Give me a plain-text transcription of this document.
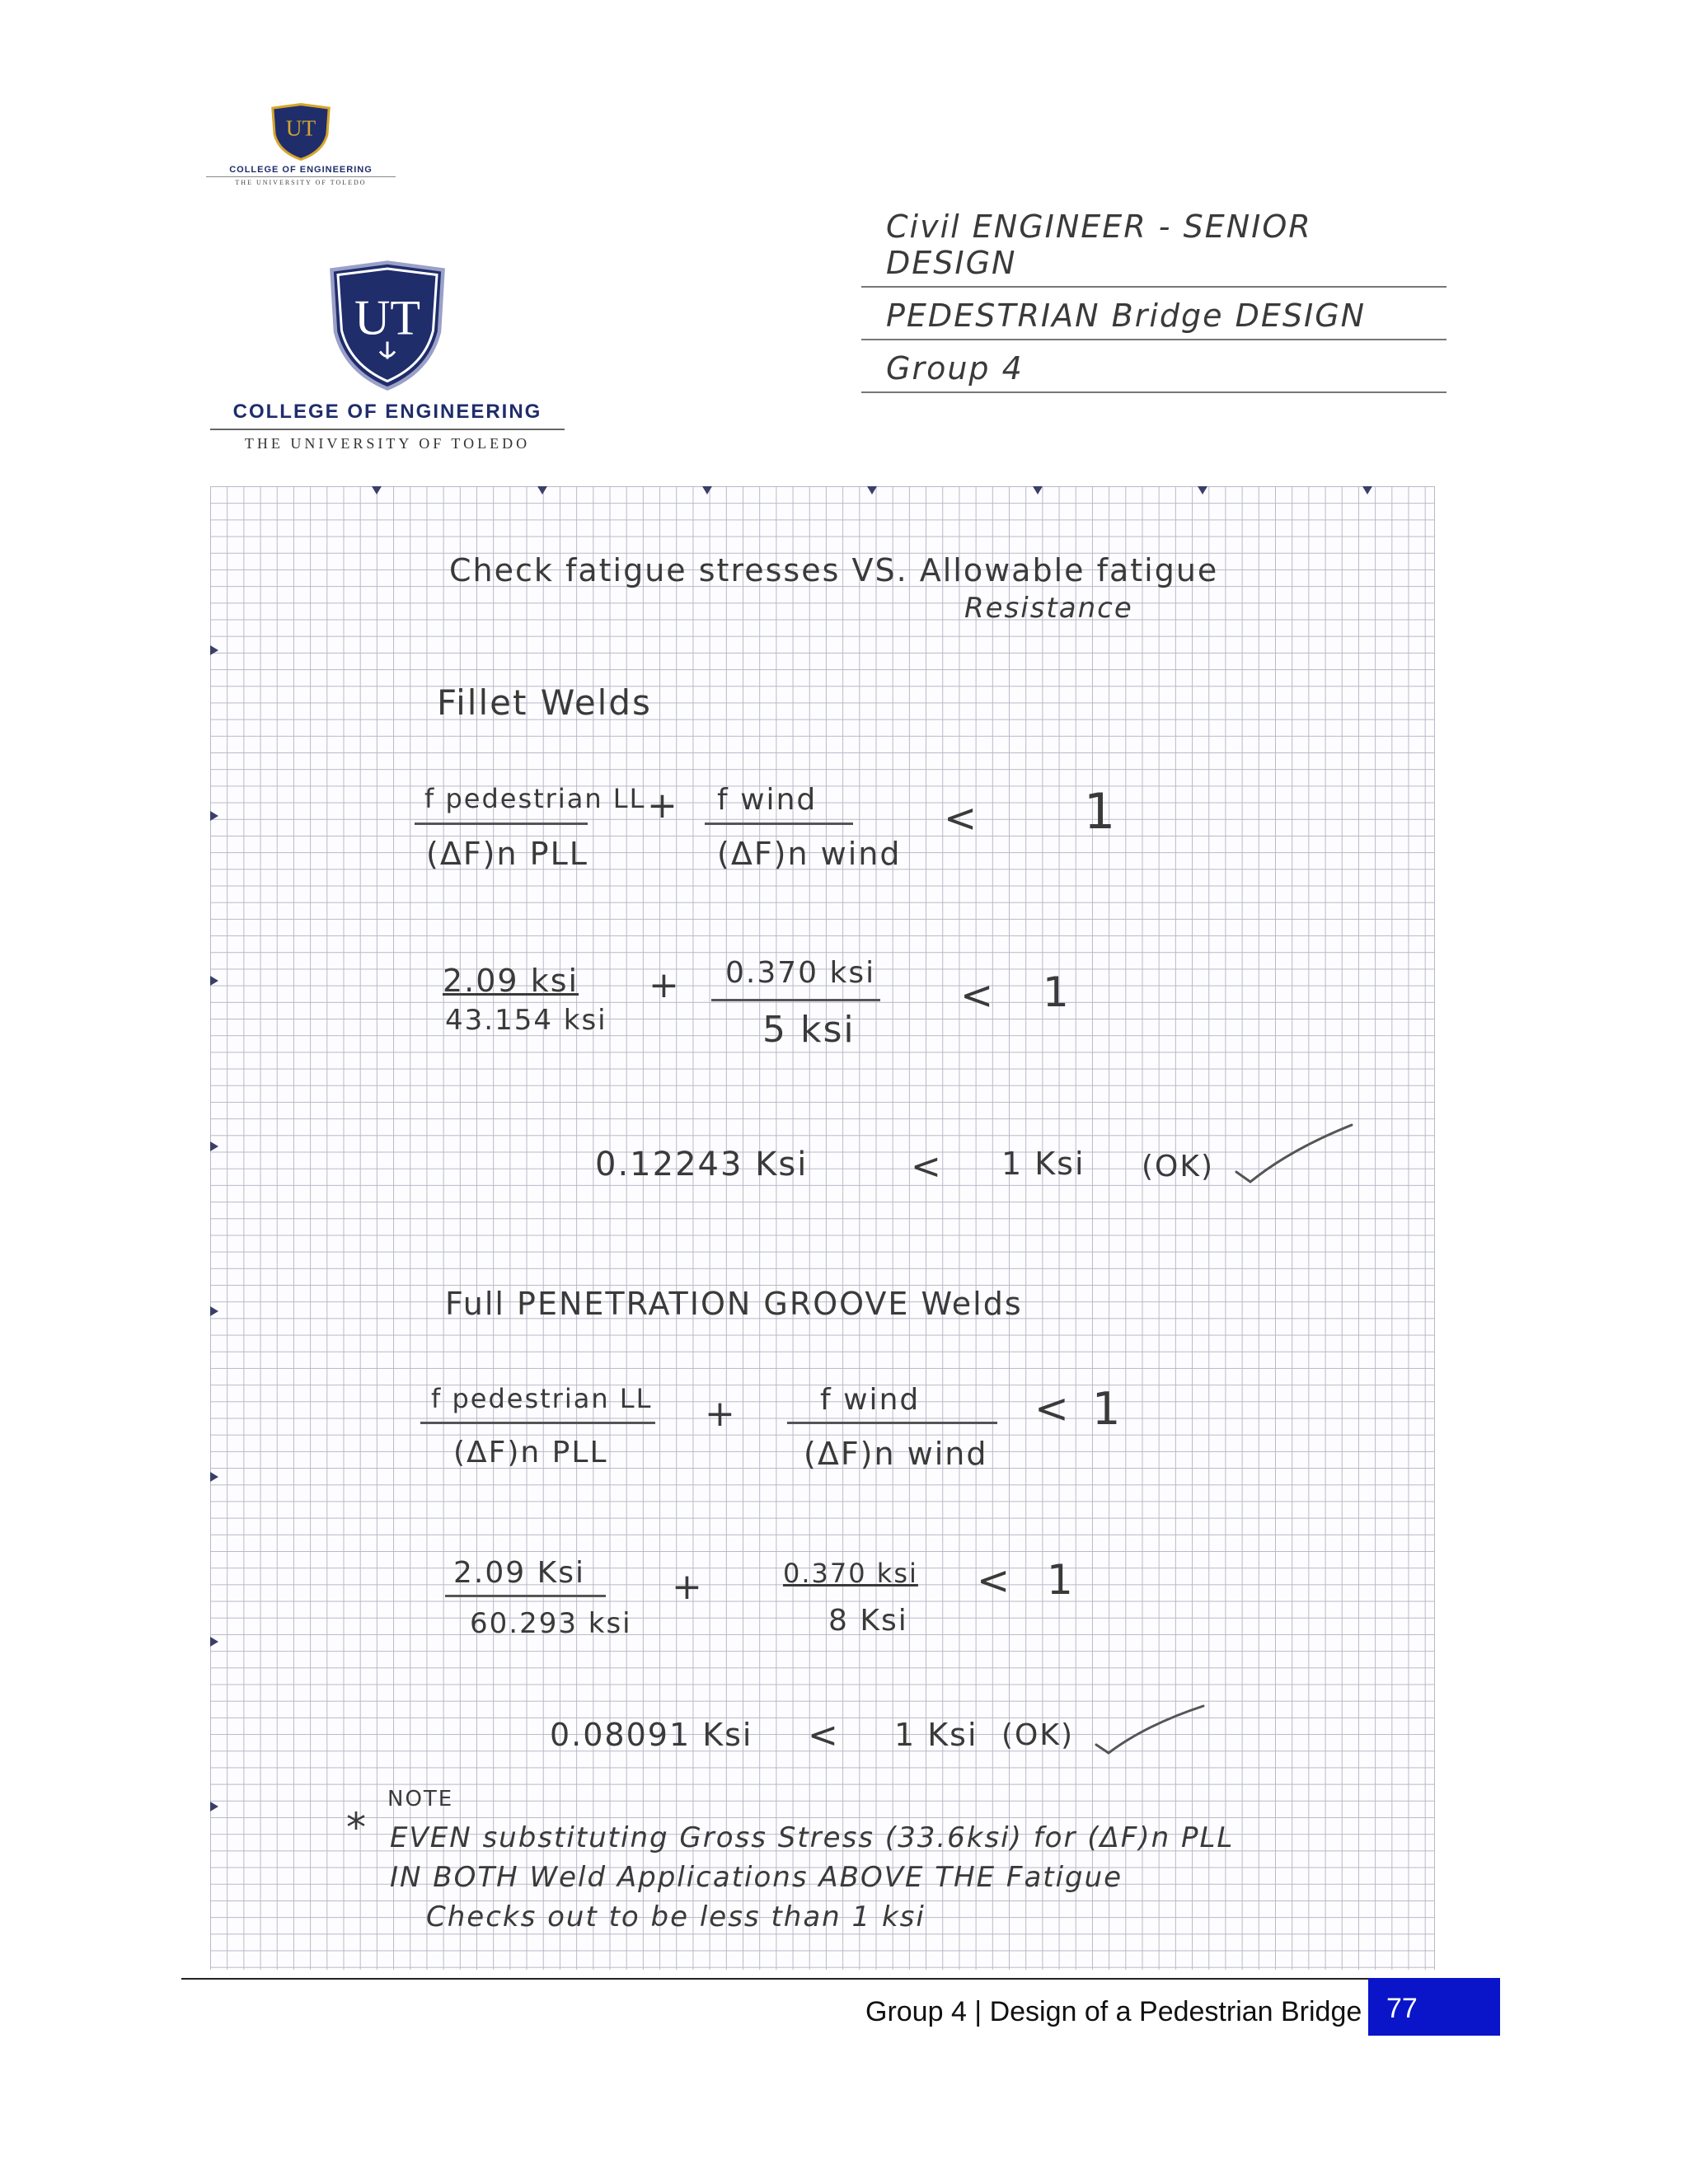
UT
COLLEGE OF ENGINEERING
THE UNIVERSITY OF TOLEDO
UT
COLLEGE OF ENGINEERING
THE UNIVERSITY OF TOLEDO
Civil ENGINEER - SENIOR DESIGN
PEDESTRIAN Bridge DESIGN
Group 4
Check fatigue stresses VS. Allowable fatigue
Resistance
Fillet Welds
f pedestrian LL
(ΔF)n PLL
+ f wind
(ΔF)n wind
< 1
2.09 ksi
43.154 ksi
+ 0.370 ksi
5 ksi
< 1
0.12243 Ksi	< 1 Ksi (OK)
Full PENETRATION GROOVE Welds
f pedestrian LL
(ΔF)n PLL
+	f wind
(ΔF)n wind
< 1
2.09 Ksi
60.293 ksi
+	0.370 ksi
8 Ksi
< 1
0.08091 Ksi < 1 Ksi (OK)
NOTE
* EVEN substituting Gross Stress (33.6ksi) for (ΔF)n PLL
IN BOTH Weld Applications ABOVE THE Fatigue
Checks out to be less than 1 ksi
Group 4 | Design of a Pedestrian Bridge 77
